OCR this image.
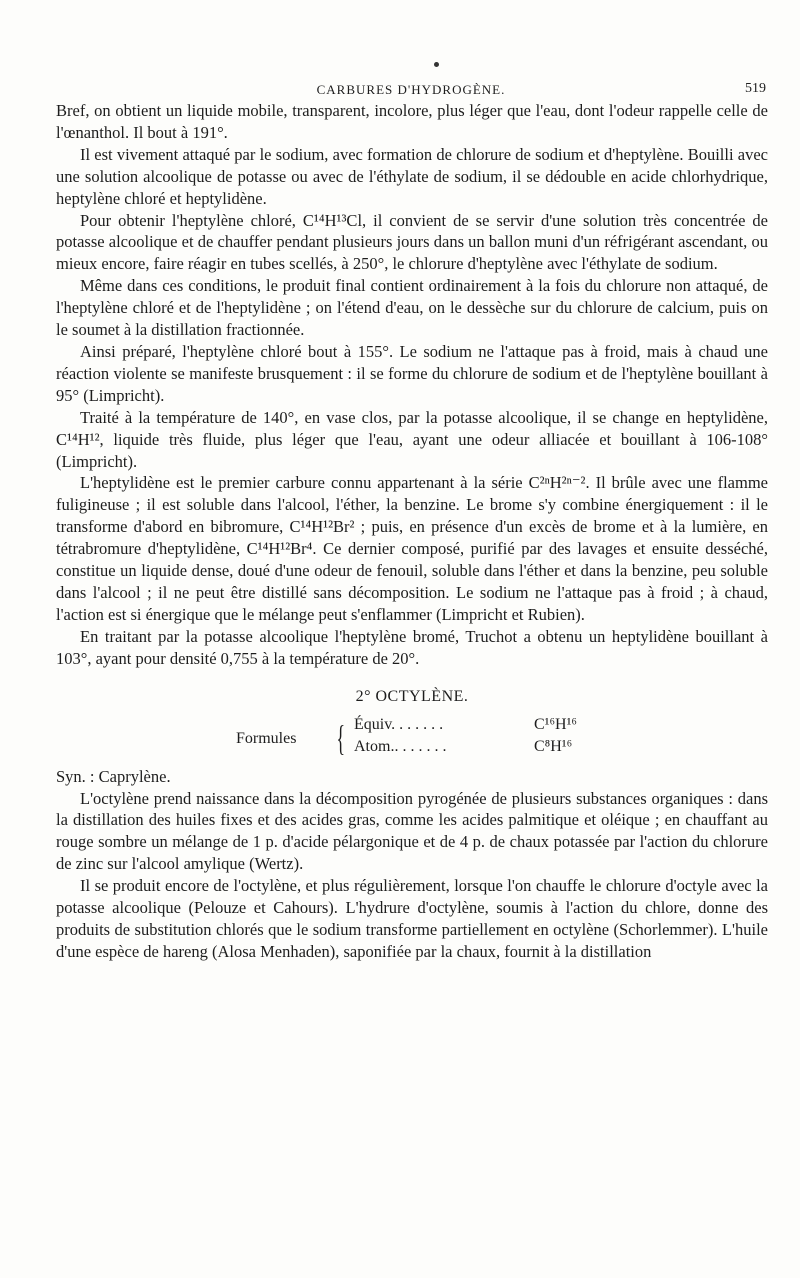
CARBURES D'HYDROGÈNE.	519

Bref, on obtient un liquide mobile, transparent, incolore, plus léger que l'eau, dont l'odeur rappelle celle de l'œnanthol. Il bout à 191°.

Il est vivement attaqué par le sodium, avec formation de chlorure de sodium et d'heptylène. Bouilli avec une solution alcoolique de potasse ou avec de l'éthylate de sodium, il se dédouble en acide chlorhydrique, heptylène chloré et heptylidène.

Pour obtenir l'heptylène chloré, C¹⁴H¹³Cl, il convient de se servir d'une solution très concentrée de potasse alcoolique et de chauffer pendant plusieurs jours dans un ballon muni d'un réfrigérant ascendant, ou mieux encore, faire réagir en tubes scellés, à 250°, le chlorure d'heptylène avec l'éthylate de sodium.

Même dans ces conditions, le produit final contient ordinairement à la fois du chlorure non attaqué, de l'heptylène chloré et de l'heptylidène ; on l'étend d'eau, on le dessèche sur du chlorure de calcium, puis on le soumet à la distillation fractionnée.

Ainsi préparé, l'heptylène chloré bout à 155°. Le sodium ne l'attaque pas à froid, mais à chaud une réaction violente se manifeste brusquement : il se forme du chlorure de sodium et de l'heptylène bouillant à 95° (Limpricht).

Traité à la température de 140°, en vase clos, par la potasse alcoolique, il se change en heptylidène, C¹⁴H¹², liquide très fluide, plus léger que l'eau, ayant une odeur alliacée et bouillant à 106-108° (Limpricht).

L'heptylidène est le premier carbure connu appartenant à la série C²ⁿH²ⁿ⁻². Il brûle avec une flamme fuligineuse ; il est soluble dans l'alcool, l'éther, la benzine. Le brome s'y combine énergiquement : il le transforme d'abord en bibromure, C¹⁴H¹²Br² ; puis, en présence d'un excès de brome et à la lumière, en tétrabromure d'heptylidène, C¹⁴H¹²Br⁴. Ce dernier composé, purifié par des lavages et ensuite desséché, constitue un liquide dense, doué d'une odeur de fenouil, soluble dans l'éther et dans la benzine, peu soluble dans l'alcool ; il ne peut être distillé sans décomposition. Le sodium ne l'attaque pas à froid ; à chaud, l'action est si énergique que le mélange peut s'enflammer (Limpricht et Rubien).

En traitant par la potasse alcoolique l'heptylène bromé, Truchot a obtenu un heptylidène bouillant à 103°, ayant pour densité 0,755 à la température de 20°.

2° OCTYLÈNE.
Formules { Équiv. . . . . . .
Atom.. . . . . . .
C¹⁶H¹⁶
C⁸H¹⁶
Syn. : Caprylène.

L'octylène prend naissance dans la décomposition pyrogénée de plusieurs substances organiques : dans la distillation des huiles fixes et des acides gras, comme les acides palmitique et oléique ; en chauffant au rouge sombre un mélange de 1 p. d'acide pélargonique et de 4 p. de chaux potassée par l'action du chlorure de zinc sur l'alcool amylique (Wertz).

Il se produit encore de l'octylène, et plus régulièrement, lorsque l'on chauffe le chlorure d'octyle avec la potasse alcoolique (Pelouze et Cahours). L'hydrure d'octylène, soumis à l'action du chlore, donne des produits de substitution chlorés que le sodium transforme partiellement en octylène (Schorlemmer). L'huile d'une espèce de hareng (Alosa Menhaden), saponifiée par la chaux, fournit à la distillation
